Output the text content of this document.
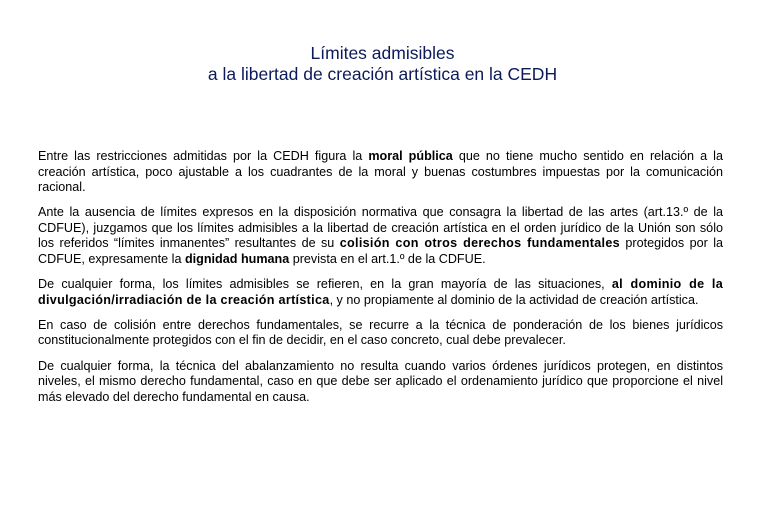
Límites admisibles
a la libertad de creación artística en la CEDH

Entre las restricciones admitidas por la CEDH figura la moral pública que no tiene mucho sentido en relación a la creación artística, poco ajustable a los cuadrantes de la moral y buenas costumbres impuestas por la comunicación racional.

Ante la ausencia de límites expresos en la disposición normativa que consagra la libertad de las artes (art.13.º de la CDFUE), juzgamos que los límites admisibles a la libertad de creación artística en el orden jurídico de la Unión son sólo los referidos “límites inmanentes” resultantes de su colisión con otros derechos fundamentales protegidos por la CDFUE, expresamente la dignidad humana prevista en el art.1.º de la CDFUE.

De cualquier forma, los límites admisibles se refieren, en la gran mayoría de las situaciones, al dominio de la divulgación/irradiación de la creación artística, y no propiamente al dominio de la actividad de creación artística.

En caso de colisión entre derechos fundamentales, se recurre a la técnica de ponderación de los bienes jurídicos constitucionalmente protegidos con el fin de decidir, en el caso concreto, cual debe prevalecer.

De cualquier forma, la técnica del abalanzamiento no resulta cuando varios órdenes jurídicos protegen, en distintos niveles, el mismo derecho fundamental, caso en que debe ser aplicado el ordenamiento jurídico que proporcione el nivel más elevado del derecho fundamental en causa.
